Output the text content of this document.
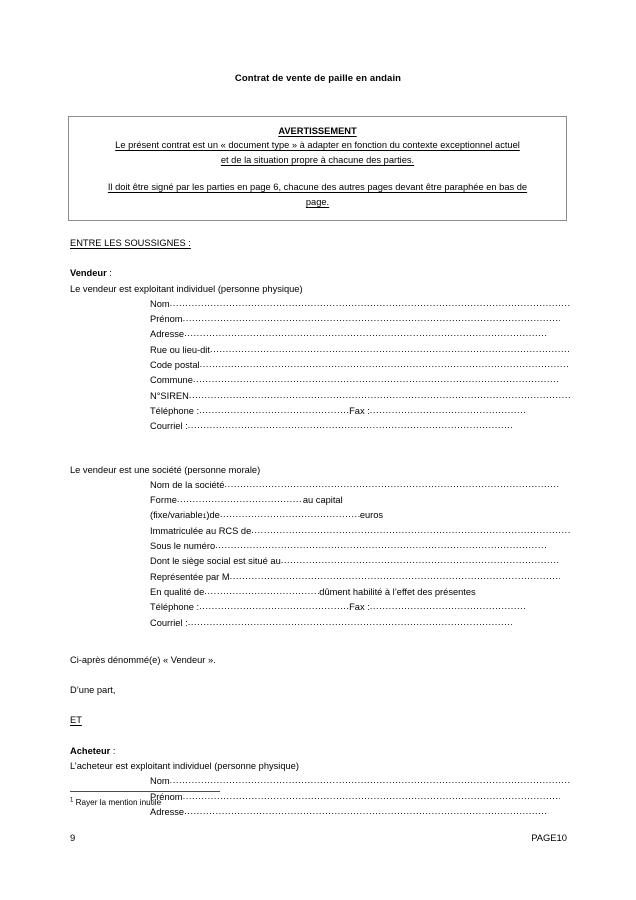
Contrat de vente de paille en andain
AVERTISSEMENT
Le présent contrat est un « document type » à adapter en fonction du contexte exceptionnel actuel
et de la situation propre à chacune des parties.
Il doit être signé par les parties en page 6, chacune des autres pages devant être paraphée en bas de
page.
ENTRE LES SOUSSIGNES :
Vendeur :
Le vendeur est exploitant individuel (personne physique)
Nom
.....
Prénom
.....
Adresse
.....
Rue ou lieu-dit
.....
Code postal
.....
Commune
.....
N°SIREN
.....
Téléphone : .....	Fax :
.....
Courriel :
.....
Le vendeur est une société (personne morale)
Nom de la société
.....
Forme .....	au capital
(fixe/variable 1 )de .....	euros
Immatriculée au RCS de
.....
Sous le numéro
.....
Dont le siège social est situé au
.....
Représentée par M
.....
En qualité de .....	dûment habilité à l’effet des présentes
Téléphone : .....	Fax :
.....
Courriel :
.....
Ci-après dénommé(e) « Vendeur ».
D’une part,
ET
Acheteur :
L’acheteur est exploitant individuel (personne physique)
Nom
.....
Prénom
.....
Adresse
.....
$^1$ Rayer la mention inutile
9	PAGE10
